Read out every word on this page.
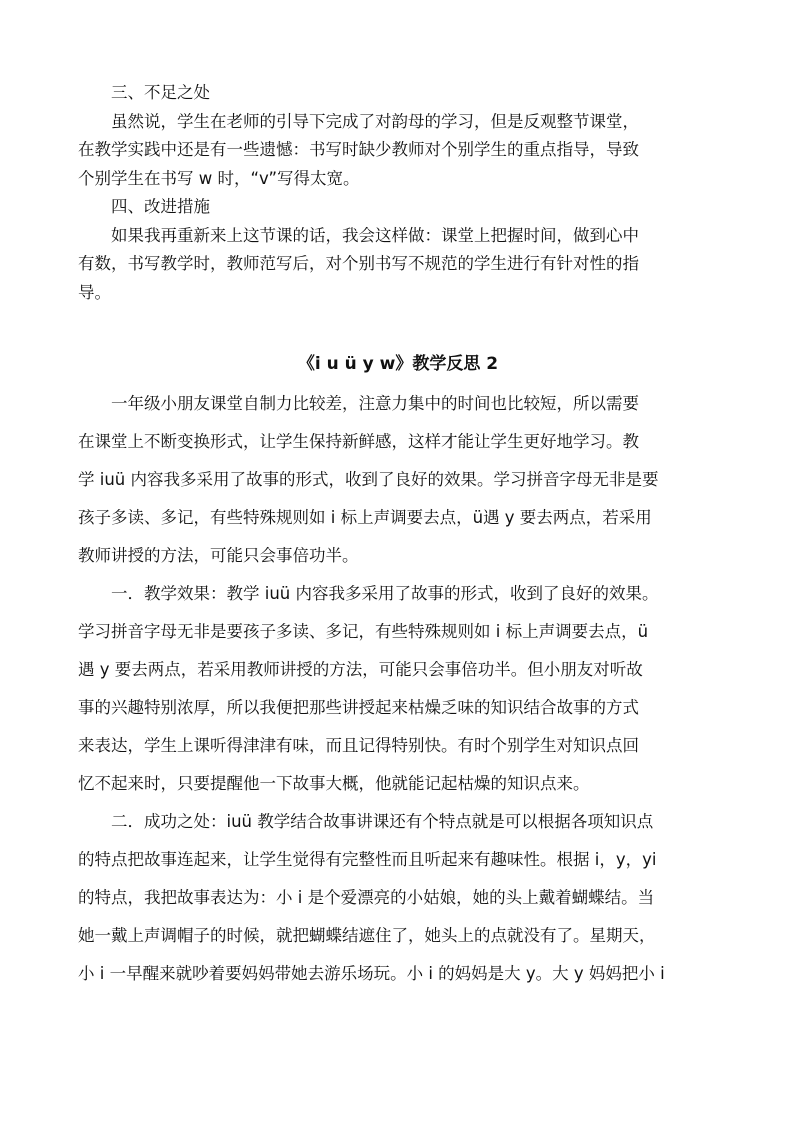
三、不足之处
虽然说，学生在老师的引导下完成了对韵母的学习，但是反观整节课堂，
在教学实践中还是有一些遗憾：书写时缺少教师对个别学生的重点指导，导致
个别学生在书写 w 时，“v”写得太宽。
四、改进措施
如果我再重新来上这节课的话，我会这样做：课堂上把握时间，做到心中
有数，书写教学时，教师范写后，对个别书写不规范的学生进行有针对性的指
导。
《i u ü y w》教学反思 2
一年级小朋友课堂自制力比较差，注意力集中的时间也比较短，所以需要
在课堂上不断变换形式，让学生保持新鲜感，这样才能让学生更好地学习。教
学 iuü 内容我多采用了故事的形式，收到了良好的效果。学习拼音字母无非是要
孩子多读、多记，有些特殊规则如 i 标上声调要去点，ü遇 y 要去两点，若采用
教师讲授的方法，可能只会事倍功半。
一．教学效果：教学 iuü 内容我多采用了故事的形式，收到了良好的效果。
学习拼音字母无非是要孩子多读、多记，有些特殊规则如 i 标上声调要去点，ü
遇 y 要去两点，若采用教师讲授的方法，可能只会事倍功半。但小朋友对听故
事的兴趣特别浓厚，所以我便把那些讲授起来枯燥乏味的知识结合故事的方式
来表达，学生上课听得津津有味，而且记得特别快。有时个别学生对知识点回
忆不起来时，只要提醒他一下故事大概，他就能记起枯燥的知识点来。
二．成功之处：iuü 教学结合故事讲课还有个特点就是可以根据各项知识点
的特点把故事连起来，让学生觉得有完整性而且听起来有趣味性。根据 i，y，yi
的特点，我把故事表达为：小 i 是个爱漂亮的小姑娘，她的头上戴着蝴蝶结。当
她一戴上声调帽子的时候，就把蝴蝶结遮住了，她头上的点就没有了。星期天，
小 i 一早醒来就吵着要妈妈带她去游乐场玩。小 i 的妈妈是大 y。大 y 妈妈把小 i
